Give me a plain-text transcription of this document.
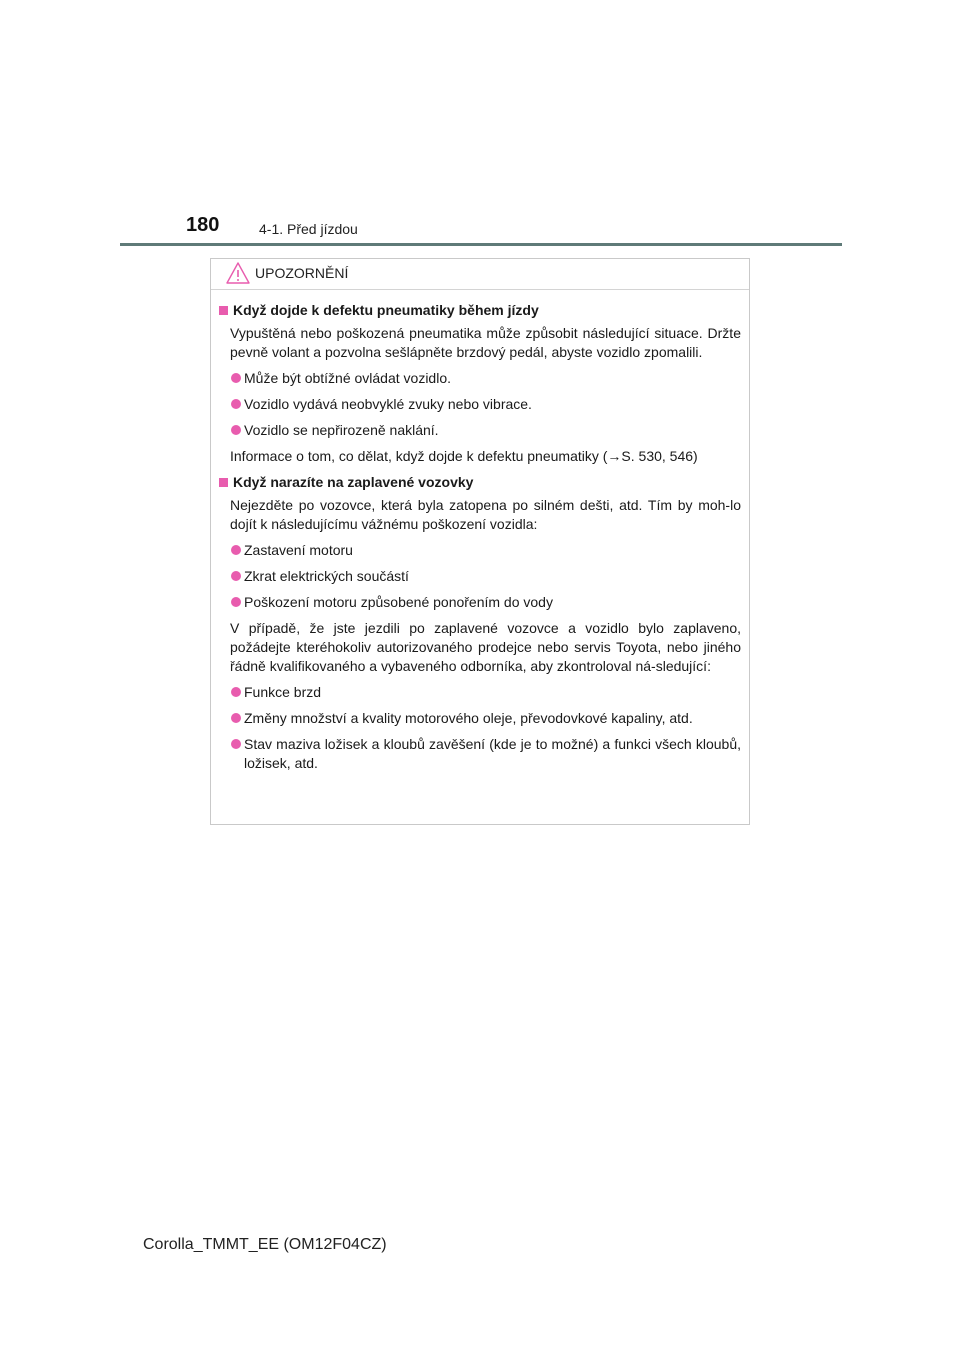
180	4-1. Před jízdou
UPOZORNĚNÍ
Když dojde k defektu pneumatiky během jízdy

Vypuštěná nebo poškozená pneumatika může způsobit následující situace. Držte pevně volant a pozvolna sešlápněte brzdový pedál, abyste vozidlo zpomalili.

Může být obtížné ovládat vozidlo.
Vozidlo vydává neobvyklé zvuky nebo vibrace.
Vozidlo se nepřirozeně naklání.

Informace o tom, co dělat, když dojde k defektu pneumatiky (→S. 530, 546)

Když narazíte na zaplavené vozovky

Nejezděte po vozovce, která byla zatopena po silném dešti, atd. Tím by moh-lo dojít k následujícímu vážnému poškození vozidla:

Zastavení motoru
Zkrat elektrických součástí
Poškození motoru způsobené ponořením do vody

V případě, že jste jezdili po zaplavené vozovce a vozidlo bylo zaplaveno, požádejte kteréhokoliv autorizovaného prodejce nebo servis Toyota, nebo jiného řádně kvalifikovaného a vybaveného odborníka, aby zkontroloval ná-sledující:

Funkce brzd
Změny množství a kvality motorového oleje, převodovkové kapaliny, atd.
Stav maziva ložisek a kloubů zavěšení (kde je to možné) a funkci všech kloubů, ložisek, atd.
Corolla_TMMT_EE (OM12F04CZ)
